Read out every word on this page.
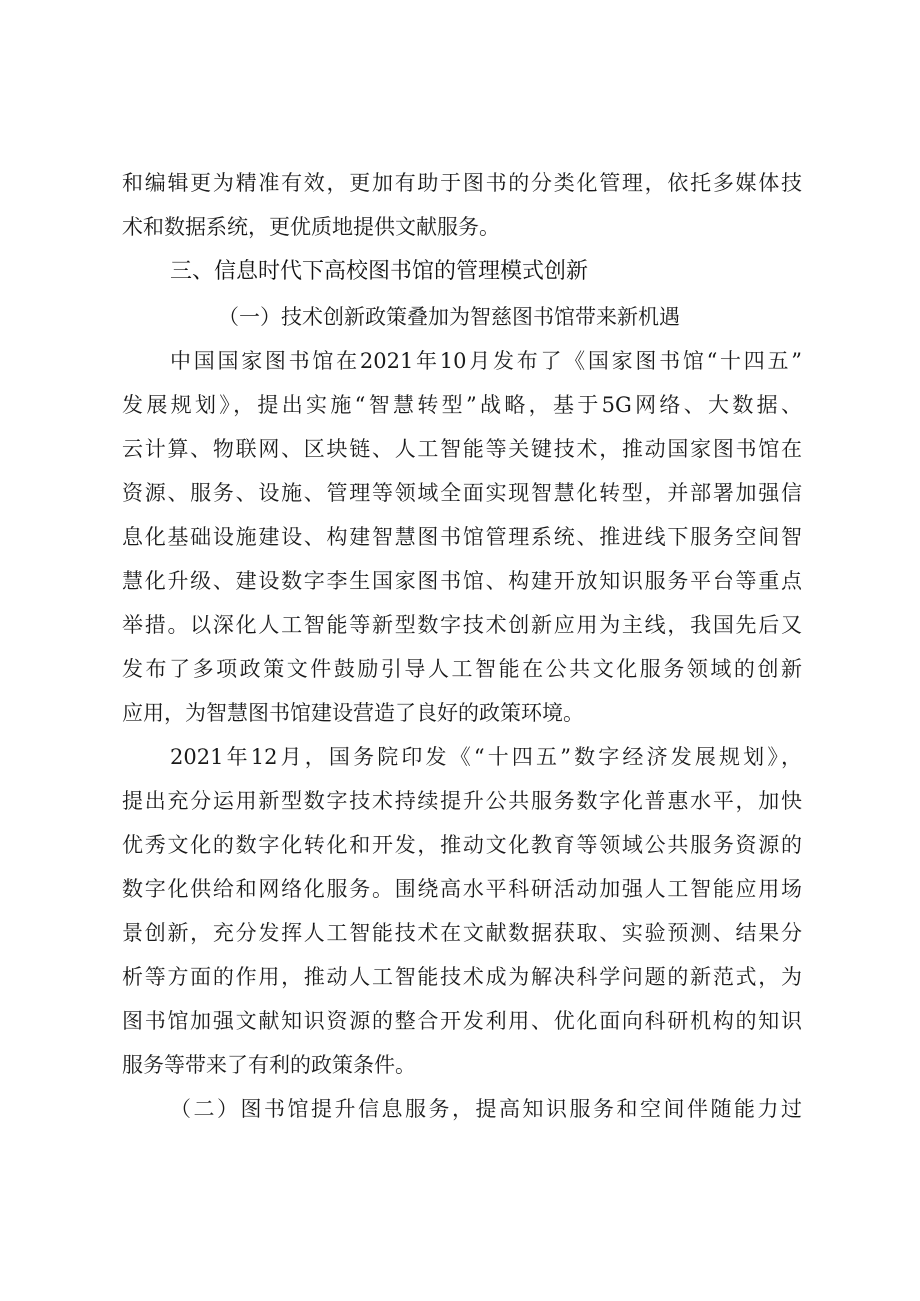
和编辑更为精准有效，更加有助于图书的分类化管理，依托多媒体技
术和数据系统，更优质地提供文献服务。
三、信息时代下高校图书馆的管理模式创新
（一）技术创新政策叠加为智慈图书馆带来新机遇
中国国家图书馆在2021年10月发布了《国家图书馆“十四五”
发展规划》，提出实施“智慧转型”战略，基于5G网络、大数据、
云计算、物联网、区块链、人工智能等关键技术，推动国家图书馆在
资源、服务、设施、管理等领域全面实现智慧化转型，并部署加强信
息化基础设施建设、构建智慧图书馆管理系统、推进线下服务空间智
慧化升级、建设数字李生国家图书馆、构建开放知识服务平台等重点
举措。以深化人工智能等新型数字技术创新应用为主线，我国先后又
发布了多项政策文件鼓励引导人工智能在公共文化服务领域的创新
应用，为智慧图书馆建设营造了良好的政策环境。
2021年12月，国务院印发《“十四五”数字经济发展规划》，
提出充分运用新型数字技术持续提升公共服务数字化普惠水平，加快
优秀文化的数字化转化和开发，推动文化教育等领域公共服务资源的
数字化供给和网络化服务。围绕高水平科研活动加强人工智能应用场
景创新，充分发挥人工智能技术在文献数据获取、实验预测、结果分
析等方面的作用，推动人工智能技术成为解决科学问题的新范式，为
图书馆加强文献知识资源的整合开发利用、优化面向科研机构的知识
服务等带来了有利的政策条件。
（二）图书馆提升信息服务，提高知识服务和空间伴随能力过
